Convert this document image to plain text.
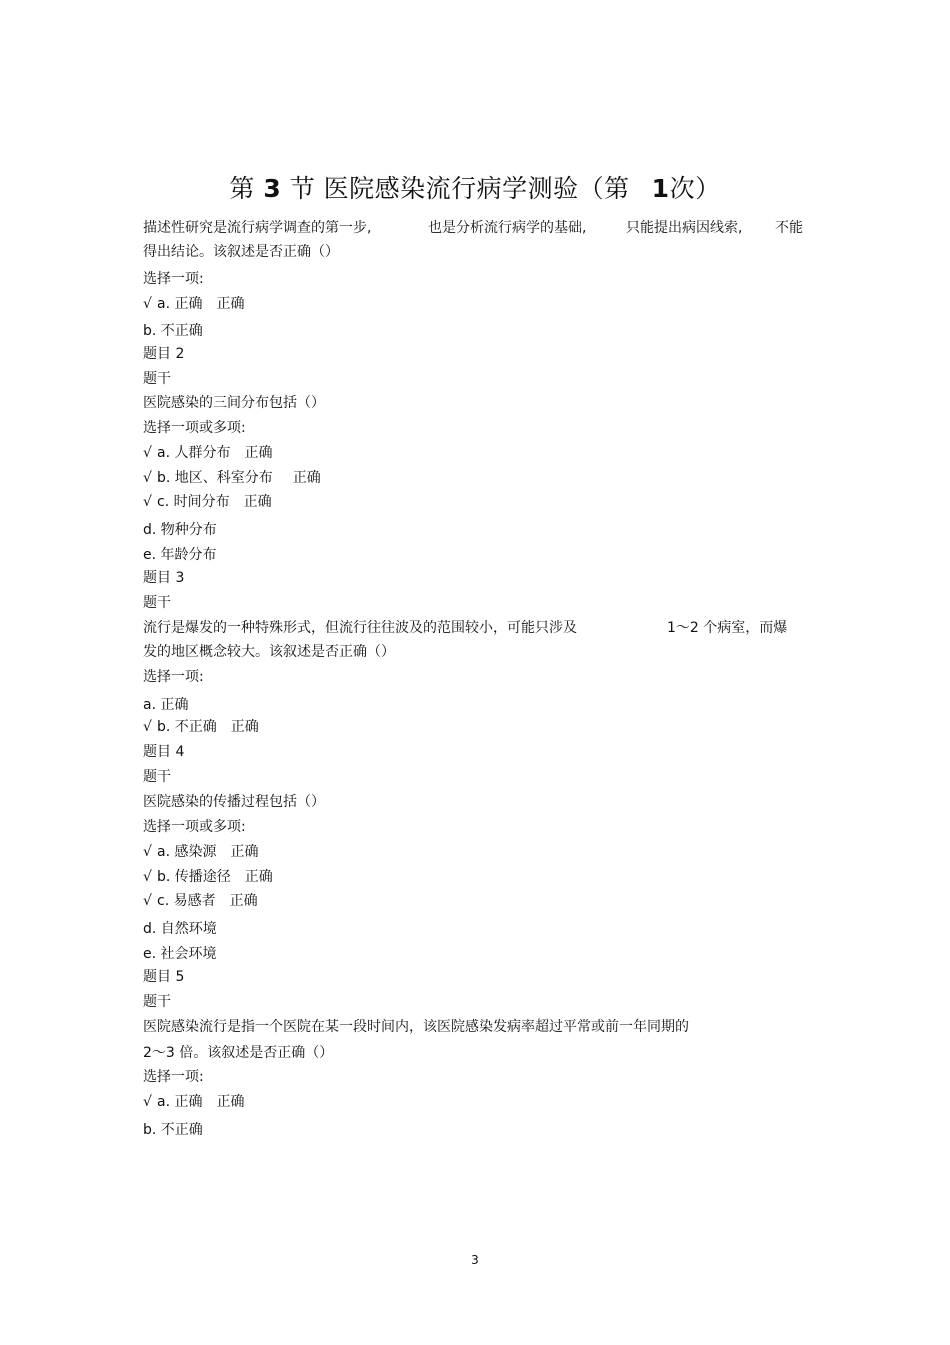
第 3 节 医院感染流行病学测验（第 1次）
描述性研究是流行病学调查的第一步,	也是分析流行病学的基础,	只能提出病因线索, 不能
得出结论。该叙述是否正确（）
选择一项:
√ a. 正确 正确
b. 不正确
题目 2
题干
医院感染的三间分布包括（）
选择一项或多项:
√ a. 人群分布 正确
√ b. 地区、科室分布 正确
√ c. 时间分布 正确
d. 物种分布
e. 年龄分布
题目 3
题干
流行是爆发的一种特殊形式，但流行往往波及的范围较小，可能只涉及	1～2 个病室，而爆
发的地区概念较大。该叙述是否正确（）
选择一项:
a. 正确
√ b. 不正确 正确
题目 4
题干
医院感染的传播过程包括（）
选择一项或多项:
√ a. 感染源 正确
√ b. 传播途径 正确
√ c. 易感者 正确
d. 自然环境
e. 社会环境
题目 5
题干
医院感染流行是指一个医院在某一段时间内，该医院感染发病率超过平常或前一年同期的
2～3 倍。该叙述是否正确（）
选择一项:
√ a. 正确 正确
b. 不正确
3
